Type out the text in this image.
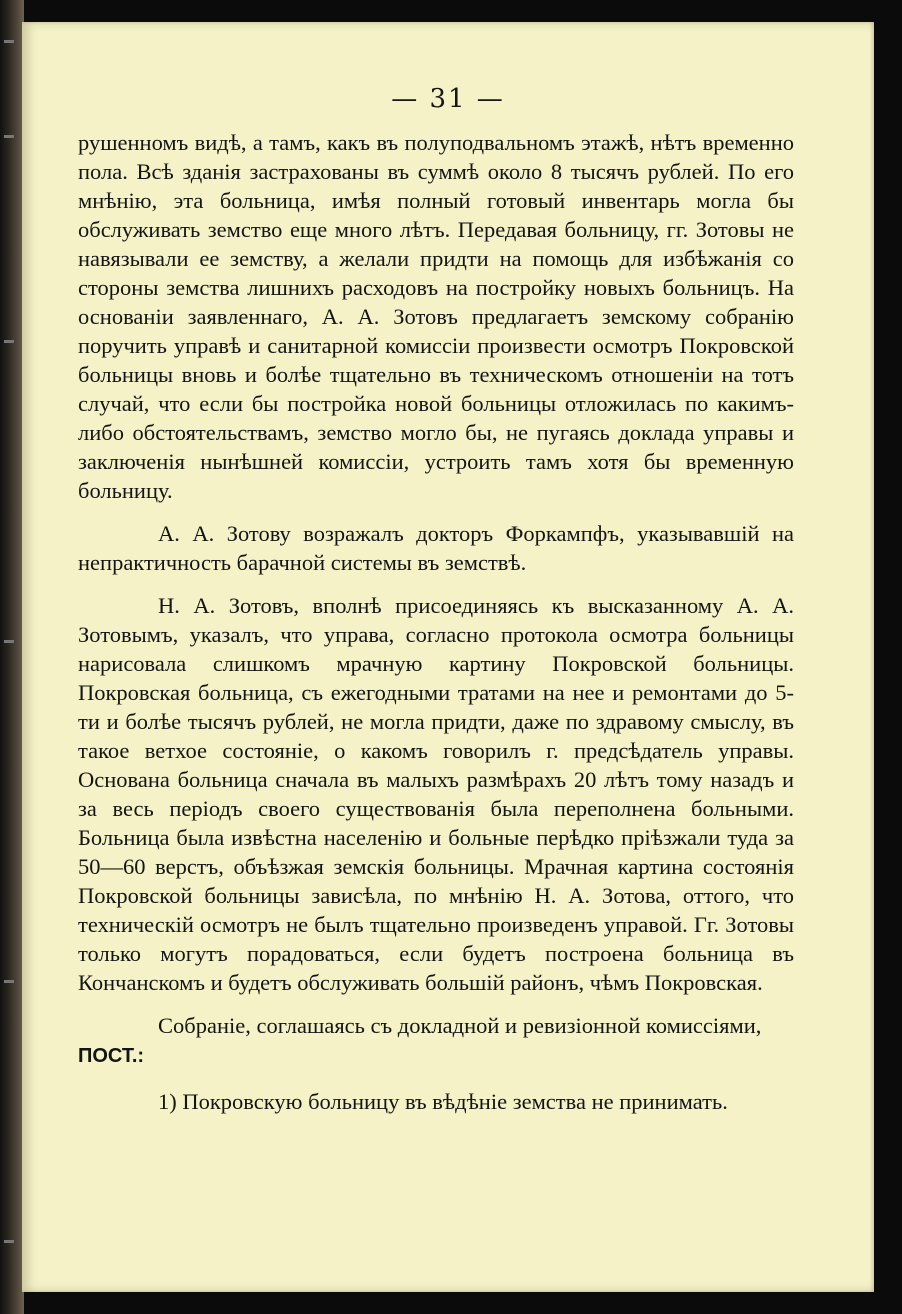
— 31 —

рушенномъ видѣ, а тамъ, какъ въ полуподвальномъ этажѣ, нѣтъ временно пола. Всѣ зданія застрахованы въ суммѣ около 8 тысячъ рублей. По его мнѣнію, эта больница, имѣя полный готовый инвентарь могла бы обслуживать земство еще много лѣтъ. Передавая больницу, гг. Зотовы не навязывали ее земству, а желали придти на помощь для избѣжанія со стороны земства лишнихъ расходовъ на постройку новыхъ больницъ. На основаніи заявленнаго, А. А. Зотовъ предлагаетъ земскому собранію поручить управѣ и санитарной комиссіи произвести осмотръ Покровской больницы вновь и болѣе тщательно въ техническомъ отношеніи на тотъ случай, что если бы постройка новой больницы отложилась по какимъ-либо обстоятельствамъ, земство могло бы, не пугаясь доклада управы и заключенія нынѣшней комиссіи, устроить тамъ хотя бы временную больницу.

А. А. Зотову возражалъ докторъ Форкампфъ, указывавшій на непрактичность барачной системы въ земствѣ.

Н. А. Зотовъ, вполнѣ присоединяясь къ высказанному А. А. Зотовымъ, указалъ, что управа, согласно протокола осмотра больницы нарисовала слишкомъ мрачную картину Покровской больницы. Покровская больница, съ ежегодными тратами на нее и ремонтами до 5-ти и болѣе тысячъ рублей, не могла придти, даже по здравому смыслу, въ такое ветхое состояніе, о какомъ говорилъ г. предсѣдатель управы. Основана больница сначала въ малыхъ размѣрахъ 20 лѣтъ тому назадъ и за весь періодъ своего существованія была переполнена больными. Больница была извѣстна населенію и больные перѣдко пріѣзжали туда за 50—60 верстъ, объѣзжая земскія больницы. Мрачная картина состоянія Покровской больницы зависѣла, по мнѣнію Н. А. Зотова, оттого, что техническій осмотръ не былъ тщательно произведенъ управой. Гг. Зотовы только могутъ порадоваться, если будетъ построена больница въ Кончанскомъ и будетъ обслуживать большій районъ, чѣмъ Покровская.

Собраніе, соглашаясь съ докладной и ревизіонной комиссіями,

ПОСТ.:

1) Покровскую больницу въ вѣдѣніе земства не принимать.
